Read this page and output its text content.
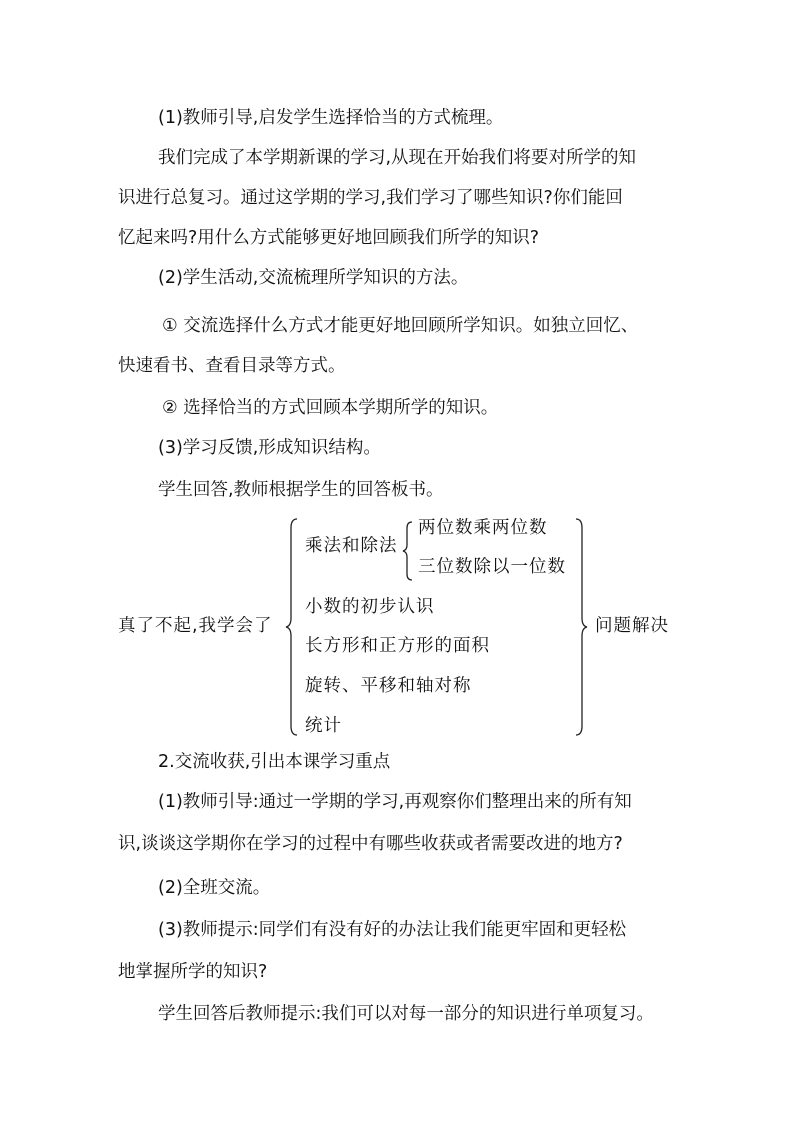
(1)教师引导,启发学生选择恰当的方式梳理。
我们完成了本学期新课的学习,从现在开始我们将要对所学的知
识进行总复习。通过这学期的学习,我们学习了哪些知识?你们能回
忆起来吗?用什么方式能够更好地回顾我们所学的知识?
(2)学生活动,交流梳理所学知识的方法。
① 交流选择什么方式才能更好地回顾所学知识。如独立回忆、
快速看书、查看目录等方式。
② 选择恰当的方式回顾本学期所学的知识。
(3)学习反馈,形成知识结构。
学生回答,教师根据学生的回答板书。
真了不起,我学会了
乘法和除法
两位数乘两位数
三位数除以一位数
小数的初步认识
长方形和正方形的面积
旋转、平移和轴对称
统计
问题解决
2.交流收获,引出本课学习重点
(1)教师引导:通过一学期的学习,再观察你们整理出来的所有知
识,谈谈这学期你在学习的过程中有哪些收获或者需要改进的地方?
(2)全班交流。
(3)教师提示:同学们有没有好的办法让我们能更牢固和更轻松
地掌握所学的知识?
学生回答后教师提示:我们可以对每一部分的知识进行单项复习。
